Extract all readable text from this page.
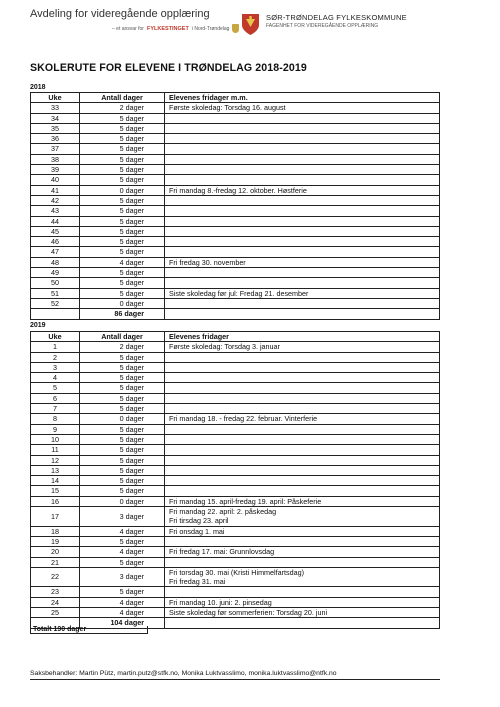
Avdeling for videregående opplæring
– et ansvar for FYLKESTINGET i Nord-Trøndelag
SØR-TRØNDELAG FYLKESKOMMUNE
FAGENHET FOR VIDEREGÅENDE OPPLÆRING
SKOLERUTE FOR ELEVENE I TRØNDELAG 2018-2019
2018
Uke	Antall dager	Elevenes fridager m.m.
33	2 dager	Første skoledag: Torsdag 16. august
34	5 dager	
35	5 dager	
36	5 dager	
37	5 dager	
38	5 dager	
39	5 dager	
40	5 dager	
41	0 dager	Fri mandag 8.-fredag 12. oktober. Høstferie
42	5 dager	
43	5 dager	
44	5 dager	
45	5 dager	
46	5 dager	
47	5 dager	
48	4 dager	Fri fredag 30. november
49	5 dager	
50	5 dager	
51	5 dager	Siste skoledag før jul: Fredag 21. desember
52	0 dager	
	86 dager	
2019
Uke	Antall dager	Elevenes fridager
1	2 dager	Første skoledag: Torsdag 3. januar

2	5 dager	
3	5 dager	
4	5 dager	
5	5 dager	
6	5 dager	
7	5 dager	
8	0 dager	Fri mandag 18. - fredag 22. februar. Vinterferie

9	5 dager	
10	5 dager	
11	5 dager	
12	5 dager	
13	5 dager	
14	5 dager	
15	5 dager	
16	0 dager	Fri mandag 15. april-fredag 19. april: Påskeferie

17	3 dager	Fri mandag 22. april: 2. påskedag
Fri tirsdag 23. april

18	4 dager	Fri onsdag 1. mai

19	5 dager	
20	4 dager	Fri fredag 17. mai: Grunnlovsdag

21	5 dager	
22	3 dager	Fri torsdag 30. mai (Kristi Himmelfartsdag)
Fri fredag 31. mai

23	5 dager	
24	4 dager	Fri mandag 10. juni: 2. pinsedag

25	4 dager	Siste skoledag før sommerferien: Torsdag 20. juni

	104 dager	
Totalt 190 dager
Saksbehandler: Martin Pütz, martin.putz@stfk.no, Monika Luktvasslimo, monika.luktvasslimo@ntfk.no
